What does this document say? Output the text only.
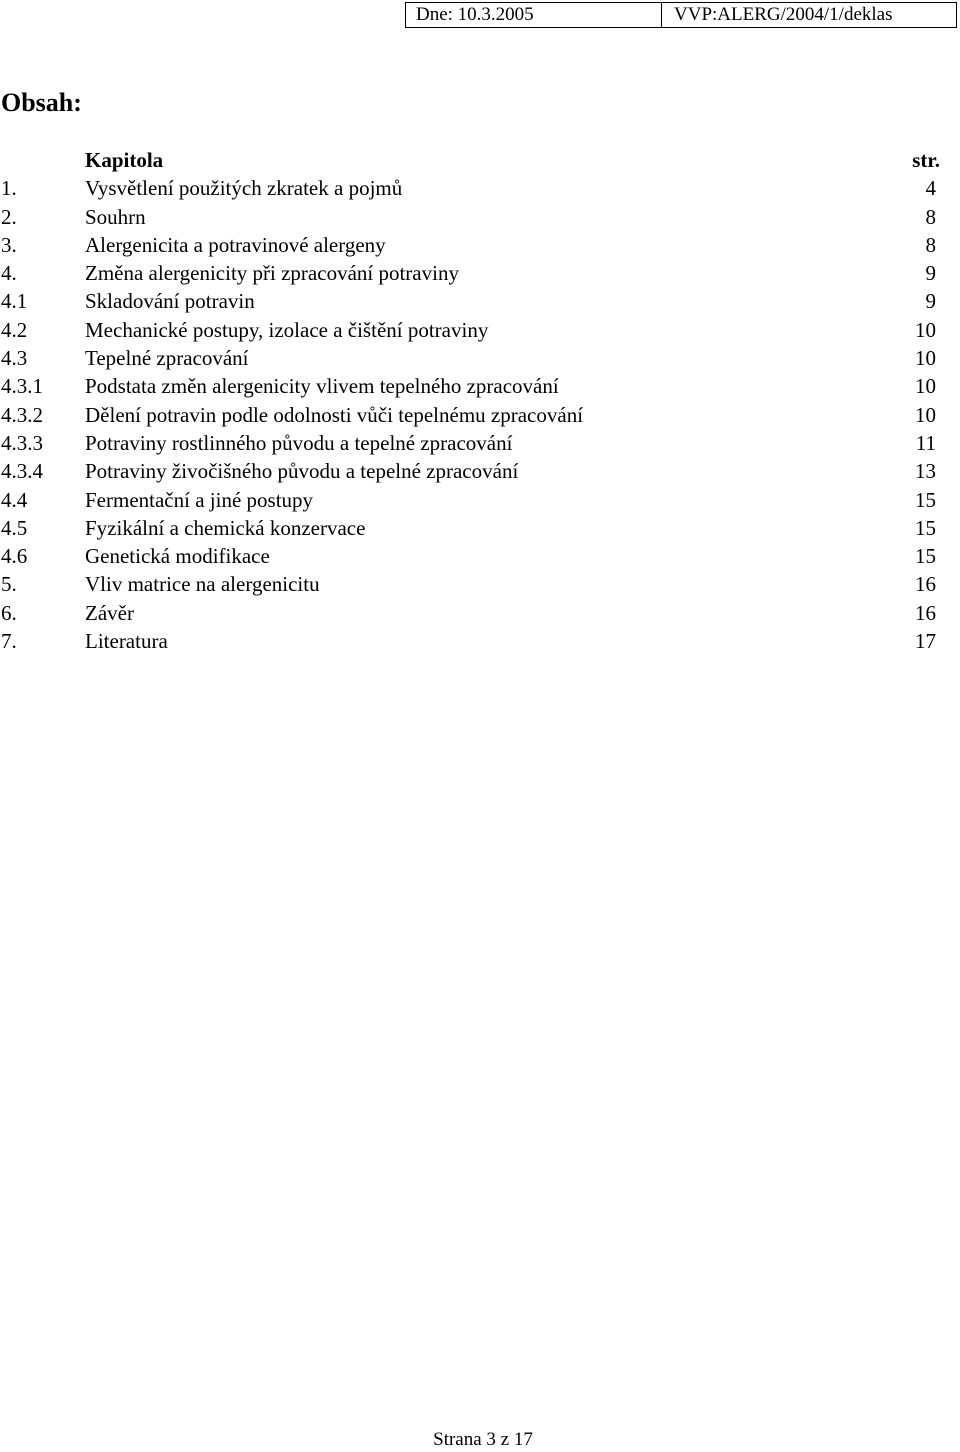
Dne: 10.3.2005	VVP:ALERG/2004/1/deklas
Obsah:
Kapitola	str.
1.	Vysvětlení použitých zkratek a pojmů	4
2.	Souhrn	8
3.	Alergenicita a potravinové alergeny	8
4.	Změna alergenicity při zpracování potraviny	9
4.1	Skladování potravin	9
4.2	Mechanické postupy, izolace a čištění potraviny	10
4.3	Tepelné zpracování	10
4.3.1 Podstata změn alergenicity vlivem tepelného zpracování	10
4.3.2 Dělení potravin podle odolnosti vůči tepelnému zpracování	10
4.3.3 Potraviny rostlinného původu a tepelné zpracování	11
4.3.4 Potraviny živočišného původu a tepelné zpracování	13
4.4	Fermentační a jiné postupy	15
4.5	Fyzikální a chemická konzervace	15
4.6	Genetická modifikace	15
5.	Vliv matrice na alergenicitu	16
6.	Závěr	16
7.	Literatura	17
Strana 3 z 17
